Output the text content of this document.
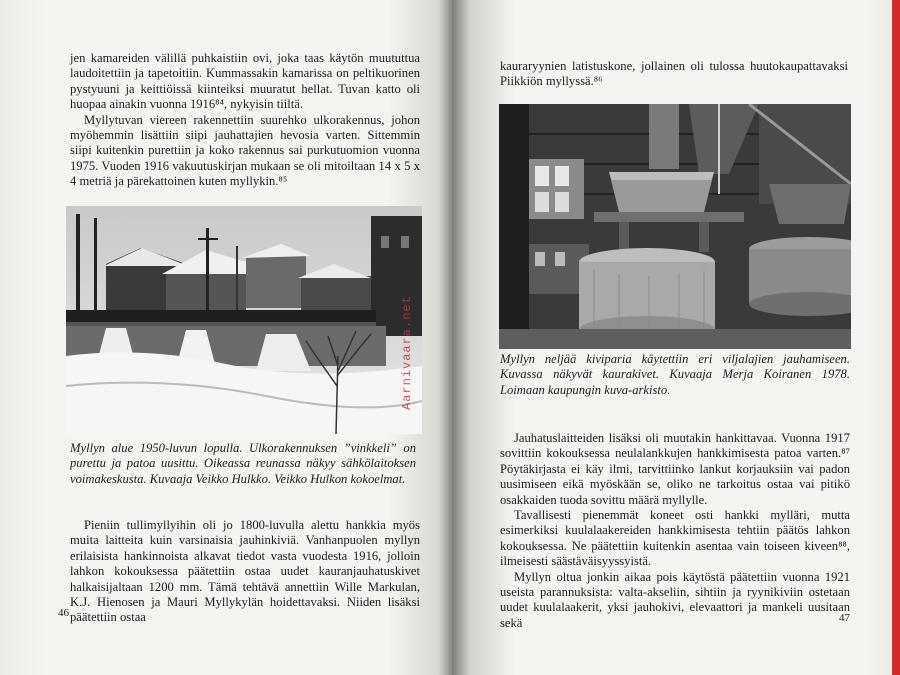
jen kamareiden välillä puhkaistiin ovi, joka taas käytön muututtua laudoitettiin ja tapetoitiin. Kummassakin kamarissa on peltikuorinen pystyuuni ja keittiöissä kiinteiksi muuratut hellat. Tuvan katto oli huopaa ainakin vuonna 1916⁸⁴, nykyisin tiiltä.

Myllytuvan viereen rakennettiin suurehko ulkorakennus, johon myöhemmin lisättiin siipi jauhattajien hevosia varten. Sittemmin siipi kuitenkin purettiin ja koko rakennus sai purkutuomion vuonna 1975. Vuoden 1916 vakuutuskirjan mukaan se oli mitoiltaan 14 x 5 x 4 metriä ja pärekattoinen kuten myllykin.⁸⁵

Myllyn alue 1950-luvun lopulla. Ulkorakennuksen ”vinkkeli” on purettu ja patoa uusittu. Oikeassa reunassa näkyy sähkölaitoksen voimakeskusta. Kuvaaja Veikko Hulkko. Veikko Hulkon kokoelmat.
Pieniin tullimyllyihin oli jo 1800-luvulla alettu hankkia myös muita laitteita kuin varsinaisia jauhinkiviä. Vanhanpuolen myllyn erilaisista hankinnoista alkavat tiedot vasta vuodesta 1916, jolloin lahkon kokouksessa päätettiin ostaa uudet kauranjauhatuskivet halkaisijaltaan 1200 mm. Tämä tehtävä annettiin Wille Markulan, K.J. Hienosen ja Mauri Myllykylän hoidettavaksi. Niiden lisäksi päätettiin ostaa
46
kauraryynien latistuskone, jollainen oli tulossa huutokaupattavaksi Piikkiön myllyssä.⁸⁶
Myllyn neljää kiviparia käytettiin eri viljalajien jauhamiseen. Kuvassa näkyvät kaurakivet. Kuvaaja Merja Koiranen 1978. Loimaan kaupungin kuva-arkisto.

Jauhatuslaitteiden lisäksi oli muutakin hankittavaa. Vuonna 1917 sovittiin kokouksessa neulalankkujen hankkimisesta patoa varten.⁸⁷ Pöytäkirjasta ei käy ilmi, tarvittiinko lankut korjauksiin vai padon uusimiseen eikä myöskään se, oliko ne tarkoitus ostaa vai pitikö osakkaiden tuoda sovittu määrä myllylle.

Tavallisesti pienemmät koneet osti hankki mylläri, mutta esimerkiksi kuulalaakereiden hankkimisesta tehtiin päätös lahkon kokouksessa. Ne päätettiin kuitenkin asentaa vain toiseen kiveen⁸⁸, ilmeisesti säästäväisyyssyistä.

Myllyn oltua jonkin aikaa pois käytöstä päätettiin vuonna 1921 useista parannuksista: valta-akseliin, sihtiin ja ryynikiviin ostetaan uudet kuulalaakerit, yksi jauhokivi, elevaattori ja mankeli uusitaan sekä	47
Aarnivaara.net
